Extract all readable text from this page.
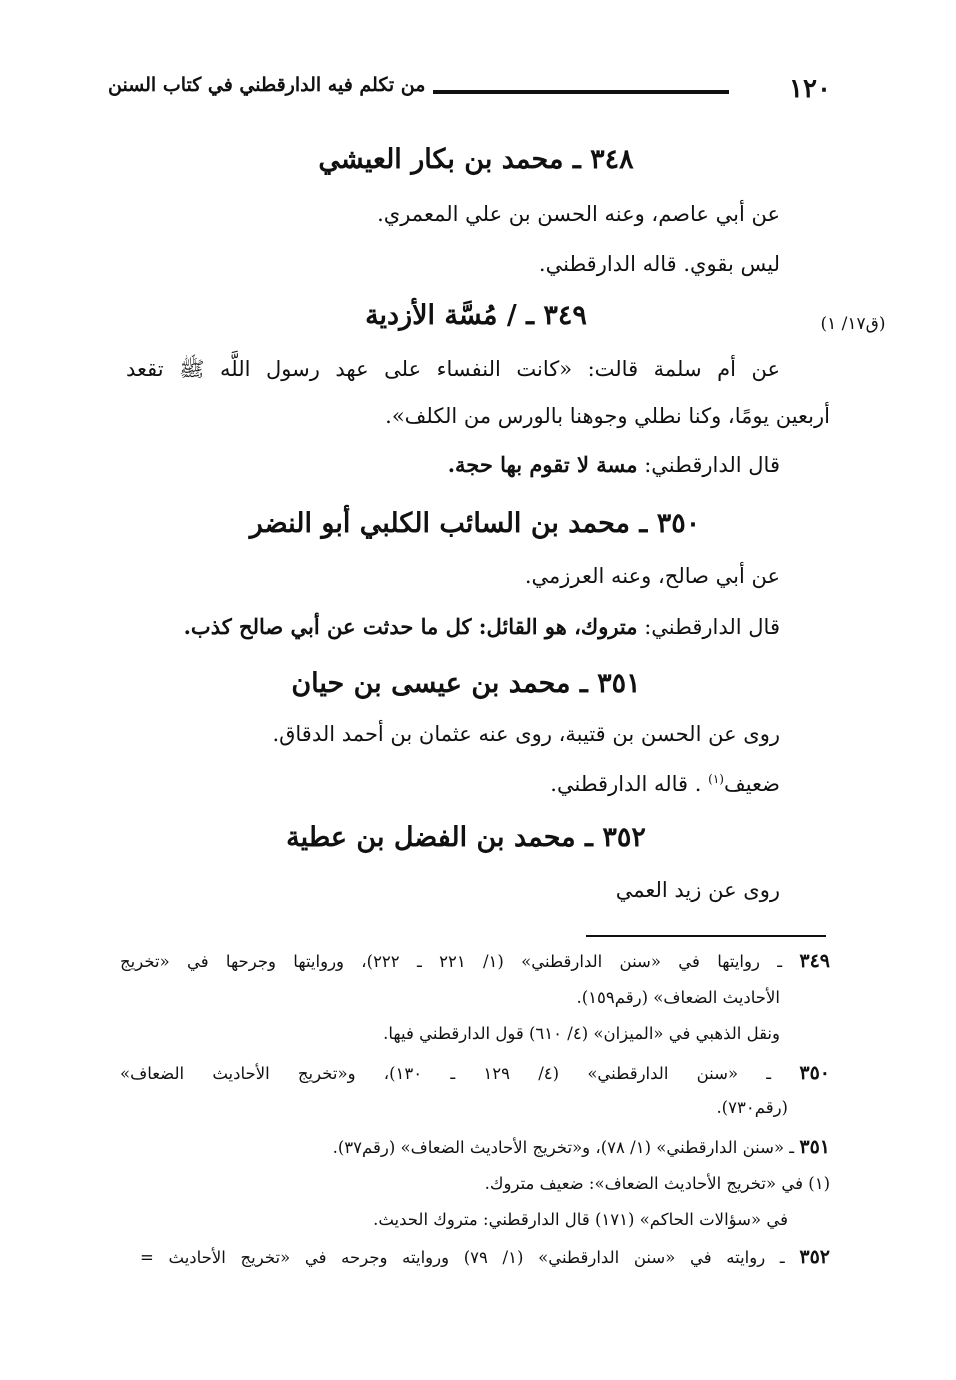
١٢٠
من تكلم فيه الدارقطني في كتاب السنن
٣٤٨ ـ محمد بن بكار العيشي
عن أبي عاصم، وعنه الحسن بن علي المعمري.
ليس بقوي. قاله الدارقطني.
(ق١٧/ ١)
٣٤٩ ـ / مُسَّة الأزدية
عن أم سلمة قالت: «كانت النفساء على عهد رسول اللَّه ﷺ تقعد
أربعين يومًا، وكنا نطلي وجوهنا بالورس من الكلف».
قال الدارقطني: مسة لا تقوم بها حجة.
٣٥٠ ـ محمد بن السائب الكلبي أبو النضر
عن أبي صالح، وعنه العرزمي.
قال الدارقطني: متروك، هو القائل: كل ما حدثت عن أبي صالح كذب.
٣٥١ ـ محمد بن عيسى بن حيان
روى عن الحسن بن قتيبة، روى عنه عثمان بن أحمد الدقاق.
ضعيف$^{(١)}$ . قاله الدارقطني.
٣٥٢ ـ محمد بن الفضل بن عطية
روى عن زيد العمي
٣٤٩ ـ روايتها في «سنن الدارقطني» (١/ ٢٢١ ـ ٢٢٢)، وروايتها وجرحها في «تخريج
الأحاديث الضعاف» (رقم١٥٩).
ونقل الذهبي في «الميزان» (٤/ ٦١٠) قول الدارقطني فيها.
٣٥٠ ـ «سنن الدارقطني» (٤/ ١٢٩ ـ ١٣٠)، و«تخريج الأحاديث الضعاف»
(رقم٧٣٠).
٣٥١ ـ «سنن الدارقطني» (١/ ٧٨)، و«تخريج الأحاديث الضعاف» (رقم٣٧).
(١) في «تخريج الأحاديث الضعاف»: ضعيف متروك.
في «سؤالات الحاكم» (١٧١) قال الدارقطني: متروك الحديث.
٣٥٢ ـ روايته في «سنن الدارقطني» (١/ ٧٩) وروايته وجرحه في «تخريج الأحاديث =
